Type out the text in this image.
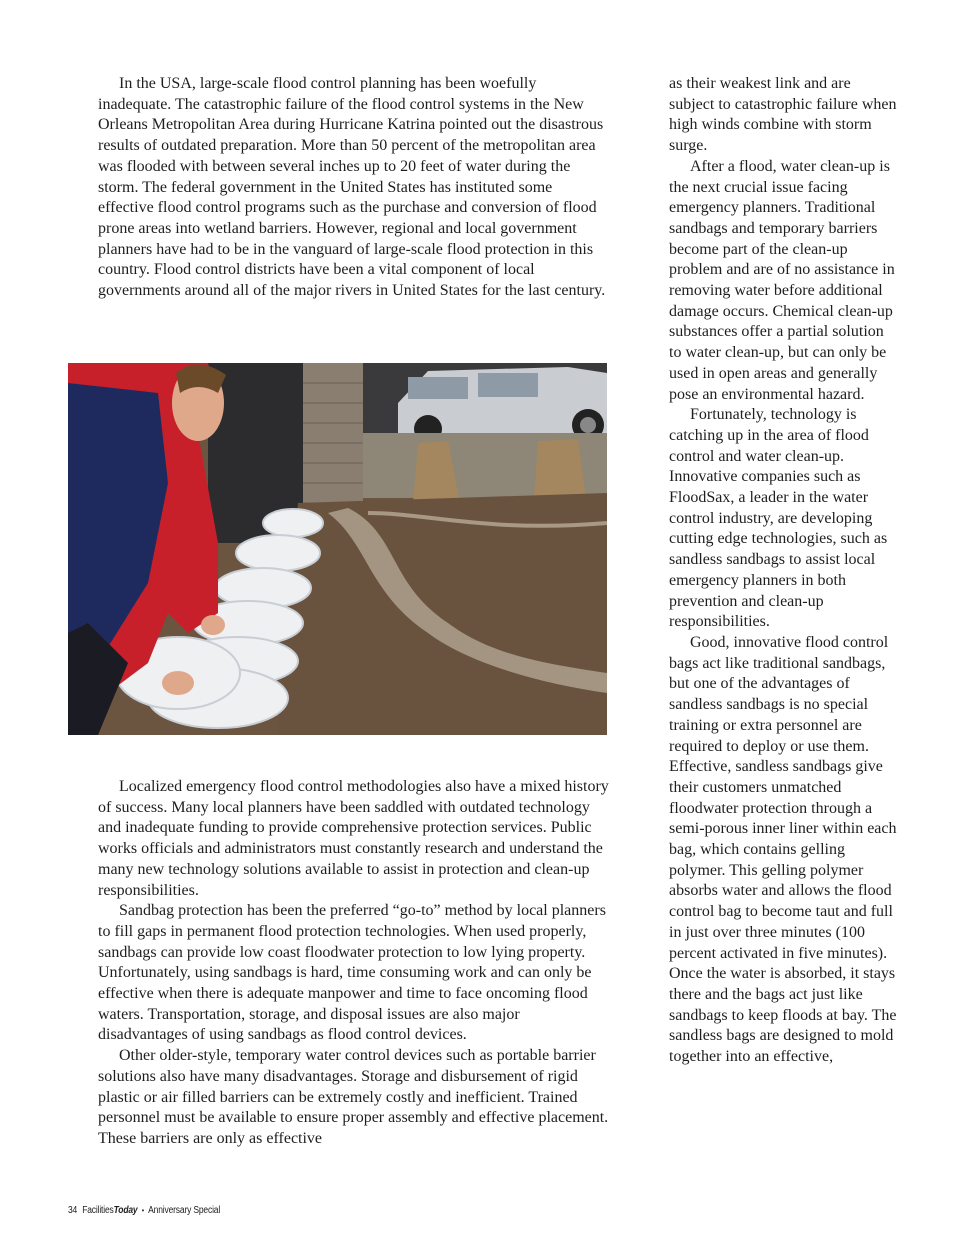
In the USA, large-scale flood control planning has been woefully inadequate. The catastrophic failure of the flood control systems in the New Orleans Metropolitan Area during Hurricane Katrina pointed out the disastrous results of outdated preparation. More than 50 percent of the metropolitan area was flooded with between several inches up to 20 feet of water during the storm. The federal government in the United States has instituted some effective flood control programs such as the purchase and conversion of flood prone areas into wetland barriers. However, regional and local government planners have had to be in the vanguard of large-scale flood protection in this country. Flood control districts have been a vital component of local governments around all of the major rivers in United States for the last century.

Localized emergency flood control methodologies also have a mixed history of success. Many local planners have been saddled with outdated technology and inadequate funding to provide comprehensive protection services. Public works officials and administrators must constantly research and understand the many new technology solutions available to assist in protection and clean-up responsibilities.

Sandbag protection has been the preferred “go-to” method by local planners to fill gaps in permanent flood protection technologies. When used properly, sandbags can provide low coast floodwater protection to low lying property. Unfortunately, using sandbags is hard, time consuming work and can only be effective when there is adequate manpower and time to face oncoming flood waters. Transportation, storage, and disposal issues are also major disadvantages of using sandbags as flood control devices.

Other older-style, temporary water control devices such as portable barrier solutions also have many disadvantages. Storage and disbursement of rigid plastic or air filled barriers can be extremely costly and inefficient. Trained personnel must be available to ensure proper assembly and effective placement. These barriers are only as effective

as their weakest link and are subject to catastrophic failure when high winds combine with storm surge.

After a flood, water clean-up is the next crucial issue facing emergency planners. Traditional sandbags and temporary barriers become part of the clean-up problem and are of no assistance in removing water before additional damage occurs. Chemical clean-up substances offer a partial solution to water clean-up, but can only be used in open areas and generally pose an environmental hazard.

Fortunately, technology is catching up in the area of flood control and water clean-up. Innovative companies such as FloodSax, a leader in the water control industry, are developing cutting edge technologies, such as sandless sandbags to assist local emergency planners in both prevention and clean-up responsibilities.

Good, innovative flood control bags act like traditional sandbags, but one of the advantages of sandless sandbags is no special training or extra personnel are required to deploy or use them. Effective, sandless sandbags give their customers unmatched floodwater protection through a semi-porous inner liner within each bag, which contains gelling polymer. This gelling polymer absorbs water and allows the flood control bag to become taut and full in just over three minutes (100 percent activated in five minutes). Once the water is absorbed, it stays there and the bags act just like sandbags to keep floods at bay. The sandless bags are designed to mold together into an effective,

34 FacilitiesToday • Anniversary Special
